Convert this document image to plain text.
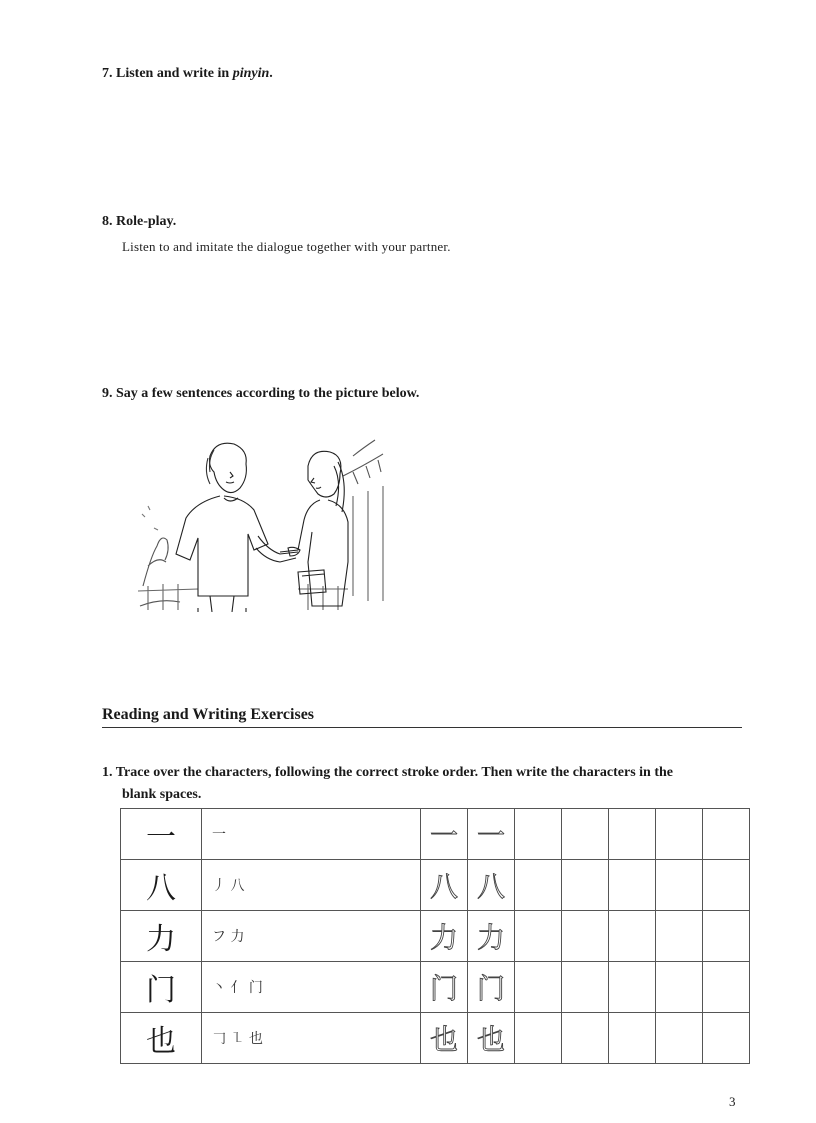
7. Listen and write in pinyin.
8. Role-play.
Listen to and imitate the dialogue together with your partner.
9. Say a few sentences according to the picture below.
Reading and Writing Exercises
1. Trace over the characters, following the correct stroke order. Then write the characters in the
blank spaces.
一	一	一	一					
八	丿 八	八	八					
力	フ 力	力	力					
门	丶 亻 门	门	门					
也	𠃌 ㇅ 也	也	也					
3
